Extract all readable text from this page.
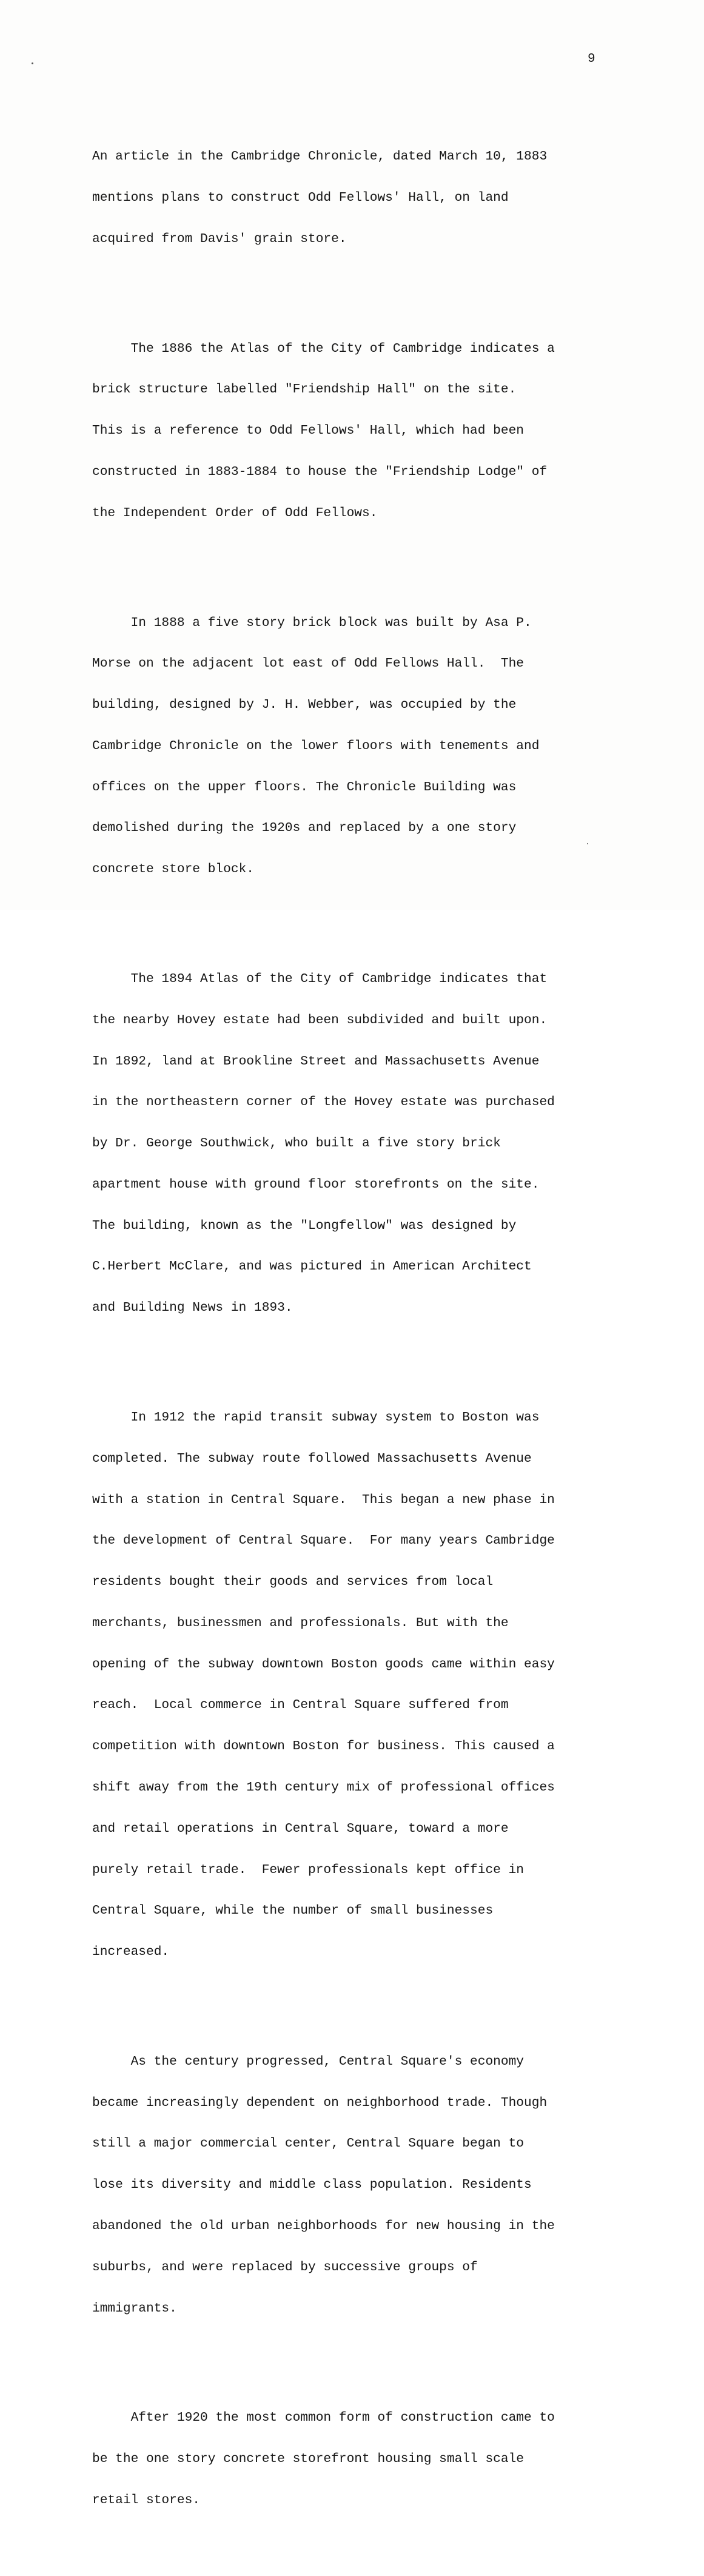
9

An article in the Cambridge Chronicle, dated March 10, 1883

mentions plans to construct Odd Fellows' Hall, on land

acquired from Davis' grain store.

The 1886 the Atlas of the City of Cambridge indicates a

brick structure labelled "Friendship Hall" on the site.

This is a reference to Odd Fellows' Hall, which had been

constructed in 1883-1884 to house the "Friendship Lodge" of

the Independent Order of Odd Fellows.

In 1888 a five story brick block was built by Asa P.

Morse on the adjacent lot east of Odd Fellows Hall.  The

building, designed by J. H. Webber, was occupied by the

Cambridge Chronicle on the lower floors with tenements and

offices on the upper floors. The Chronicle Building was

demolished during the 1920s and replaced by a one story

concrete store block.

The 1894 Atlas of the City of Cambridge indicates that

the nearby Hovey estate had been subdivided and built upon.

In 1892, land at Brookline Street and Massachusetts Avenue

in the northeastern corner of the Hovey estate was purchased

by Dr. George Southwick, who built a five story brick

apartment house with ground floor storefronts on the site.

The building, known as the "Longfellow" was designed by

C.Herbert McClare, and was pictured in American Architect

and Building News in 1893.

In 1912 the rapid transit subway system to Boston was

completed. The subway route followed Massachusetts Avenue

with a station in Central Square.  This began a new phase in

the development of Central Square.  For many years Cambridge

residents bought their goods and services from local

merchants, businessmen and professionals. But with the

opening of the subway downtown Boston goods came within easy

reach.  Local commerce in Central Square suffered from

competition with downtown Boston for business. This caused a

shift away from the 19th century mix of professional offices

and retail operations in Central Square, toward a more

purely retail trade.  Fewer professionals kept office in

Central Square, while the number of small businesses

increased.

As the century progressed, Central Square's economy

became increasingly dependent on neighborhood trade. Though

still a major commercial center, Central Square began to

lose its diversity and middle class population. Residents

abandoned the old urban neighborhoods for new housing in the

suburbs, and were replaced by successive groups of

immigrants.

After 1920 the most common form of construction came to

be the one story concrete storefront housing small scale

retail stores.
